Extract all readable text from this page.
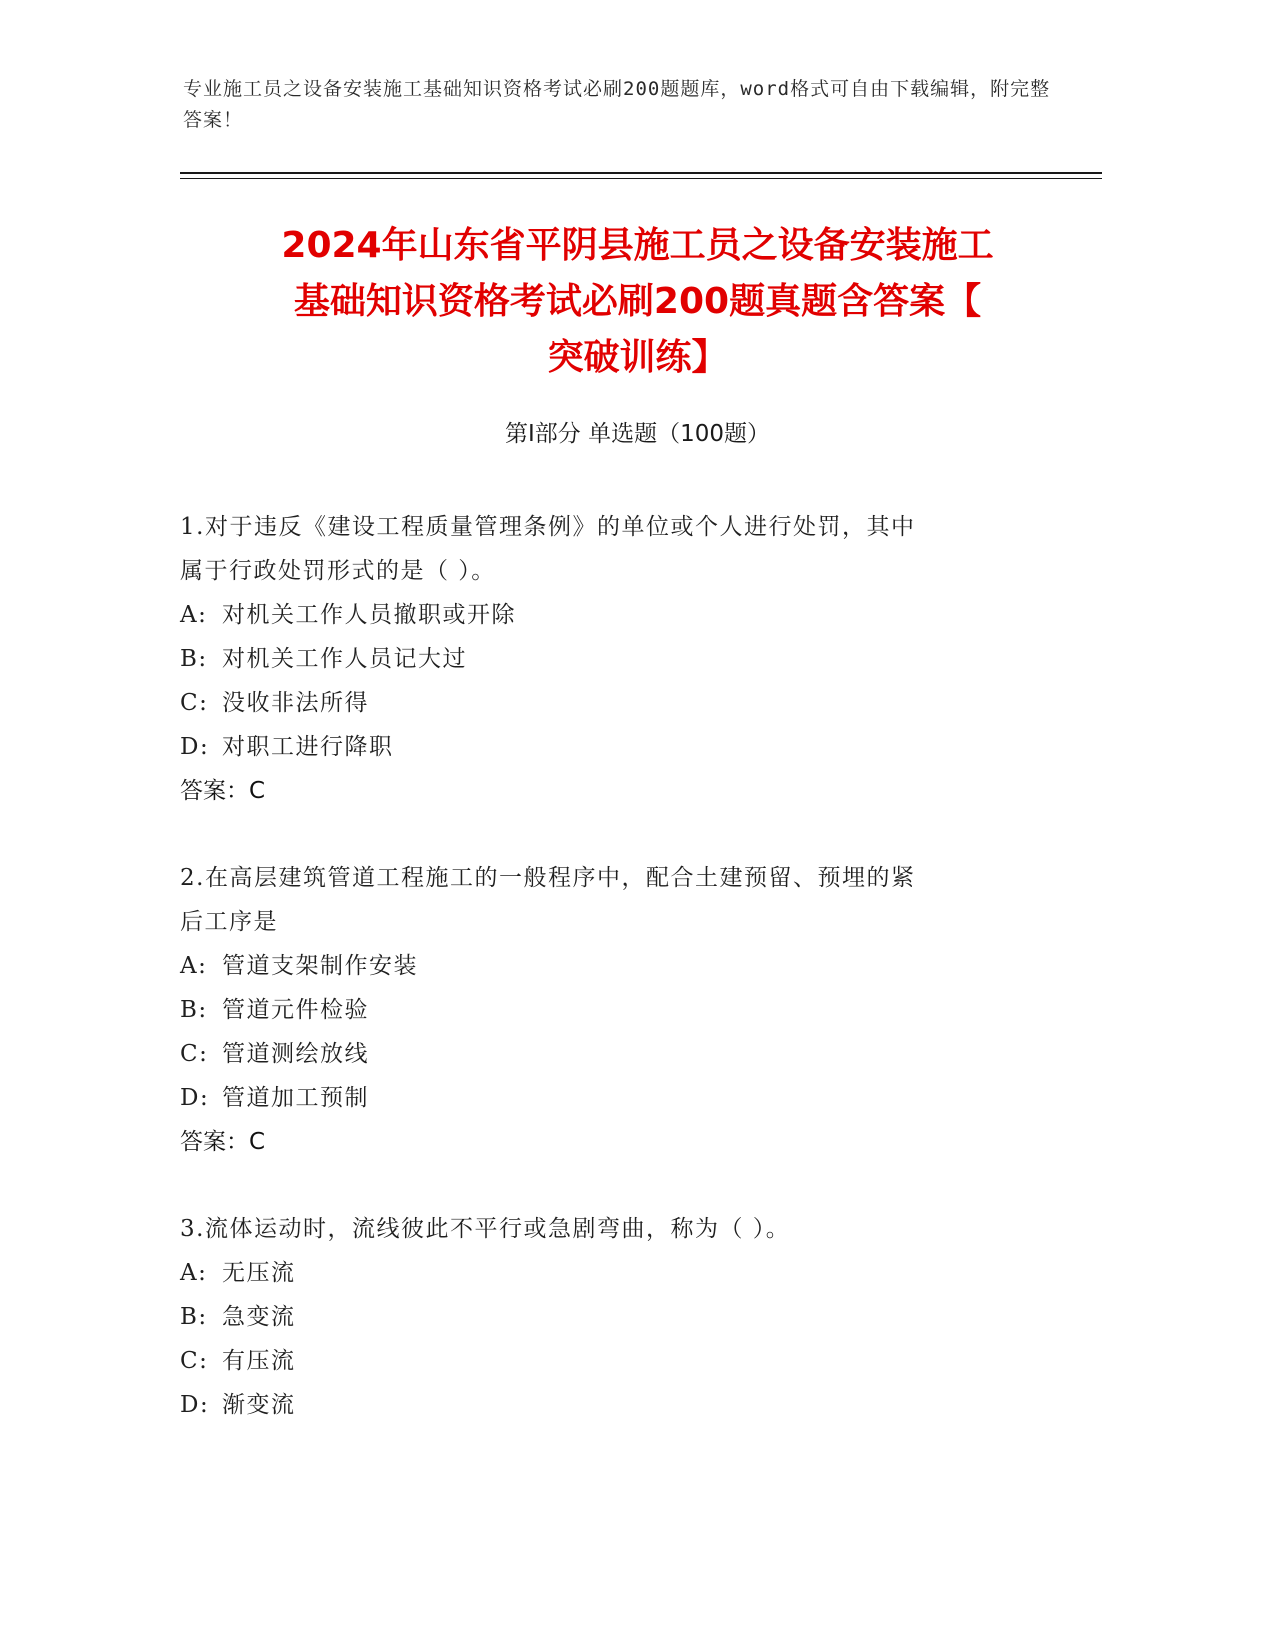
专业施工员之设备安装施工基础知识资格考试必刷200题题库，word格式可自由下载编辑，附完整答案！
2024年山东省平阴县施工员之设备安装施工
基础知识资格考试必刷200题真题含答案【
突破训练】
第Ⅰ部分 单选题（100题）

1.对于违反《建设工程质量管理条例》的单位或个人进行处罚，其中

属于行政处罚形式的是（ ）。

A: 对机关工作人员撤职或开除

B: 对机关工作人员记大过

C: 没收非法所得

D: 对职工进行降职

答案：C

2.在高层建筑管道工程施工的一般程序中，配合土建预留、预埋的紧

后工序是

A: 管道支架制作安装

B: 管道元件检验

C: 管道测绘放线

D: 管道加工预制

答案：C

3.流体运动时，流线彼此不平行或急剧弯曲，称为（ ）。

A: 无压流

B: 急变流

C: 有压流

D: 渐变流
